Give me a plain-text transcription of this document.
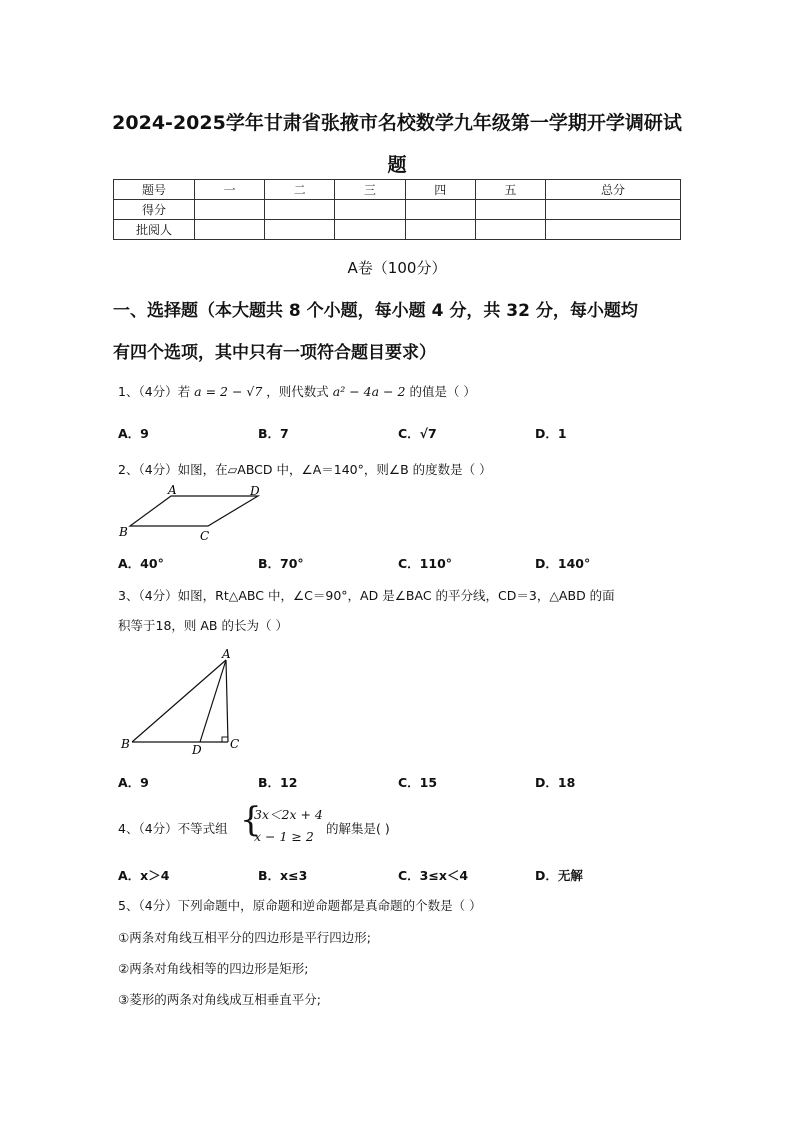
2024-2025学年甘肃省张掖市名校数学九年级第一学期开学调研试
题
题号	一	二	三	四	五	总分
得分						
批阅人						
A卷（100分）
一、选择题（本大题共 8 个小题，每小题 4 分，共 32 分，每小题均
有四个选项，其中只有一项符合题目要求）
1、（4分）若 a = 2 − √7 ，则代数式 a² − 4a − 2 的值是（ ）
A．9	B．7	C．√7	D．1
2、（4分）如图，在▱ABCD 中，∠A＝140°，则∠B 的度数是（ ）
A	D
B	C
A．40°	B．70°	C．110°	D．140°
3、（4分）如图，Rt△ABC 中，∠C＝90°，AD 是∠BAC 的平分线，CD＝3，△ABD 的面
积等于18，则 AB 的长为（ ）
A
B	D C
A．9	B．12	C．15	D．18
4、（4分）不等式组 {
3x＜2x + 4
x − 1 ≥ 2
的解集是( )
A．x＞4	B．x≤3	C．3≤x＜4	D．无解
5、（4分）下列命题中，原命题和逆命题都是真命题的个数是（ ）
①两条对角线互相平分的四边形是平行四边形;
②两条对角线相等的四边形是矩形;
③菱形的两条对角线成互相垂直平分;
